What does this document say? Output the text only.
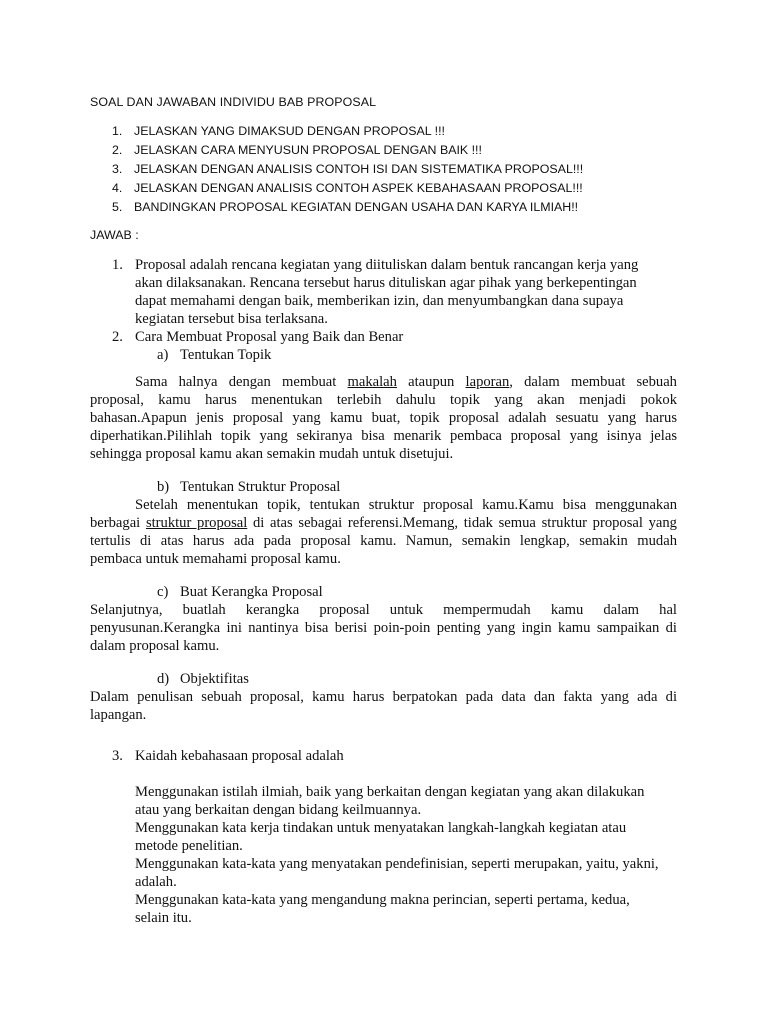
SOAL DAN JAWABAN INDIVIDU BAB PROPOSAL
1. JELASKAN YANG DIMAKSUD DENGAN PROPOSAL !!!
2. JELASKAN CARA MENYUSUN PROPOSAL DENGAN BAIK !!!
3. JELASKAN DENGAN ANALISIS CONTOH ISI DAN SISTEMATIKA PROPOSAL!!!
4. JELASKAN DENGAN ANALISIS CONTOH ASPEK KEBAHASAAN PROPOSAL!!!
5. BANDINGKAN PROPOSAL KEGIATAN DENGAN USAHA DAN KARYA ILMIAH!!
JAWAB :
1. Proposal adalah rencana kegiatan yang diituliskan dalam bentuk rancangan kerja yang
akan dilaksanakan. Rencana tersebut harus dituliskan agar pihak yang berkepentingan
dapat memahami dengan baik, memberikan izin, dan menyumbangkan dana supaya
kegiatan tersebut bisa terlaksana.
2. Cara Membuat Proposal yang Baik dan Benar
a) Tentukan Topik
Sama halnya dengan membuat makalah ataupun laporan, dalam membuat sebuah
proposal, kamu harus menentukan terlebih dahulu topik yang akan menjadi pokok
bahasan.Apapun jenis proposal yang kamu buat, topik proposal adalah sesuatu yang harus
diperhatikan.Pilihlah topik yang sekiranya bisa menarik pembaca proposal yang isinya jelas
sehingga proposal kamu akan semakin mudah untuk disetujui.
b) Tentukan Struktur Proposal
Setelah menentukan topik, tentukan struktur proposal kamu.Kamu bisa menggunakan
berbagai struktur proposal di atas sebagai referensi.Memang, tidak semua struktur proposal yang
tertulis di atas harus ada pada proposal kamu. Namun, semakin lengkap, semakin mudah
pembaca untuk memahami proposal kamu.
c) Buat Kerangka Proposal
Selanjutnya, buatlah kerangka proposal untuk mempermudah kamu dalam hal
penyusunan.Kerangka ini nantinya bisa berisi poin-poin penting yang ingin kamu sampaikan di
dalam proposal kamu.
d) Objektifitas
Dalam penulisan sebuah proposal, kamu harus berpatokan pada data dan fakta yang ada di
lapangan.
3. Kaidah kebahasaan proposal adalah
Menggunakan istilah ilmiah, baik yang berkaitan dengan kegiatan yang akan dilakukan
atau yang berkaitan dengan bidang keilmuannya.
Menggunakan kata kerja tindakan untuk menyatakan langkah-langkah kegiatan atau
metode penelitian.
Menggunakan kata-kata yang menyatakan pendefinisian, seperti merupakan, yaitu, yakni,
adalah.
Menggunakan kata-kata yang mengandung makna perincian, seperti pertama, kedua,
selain itu.
